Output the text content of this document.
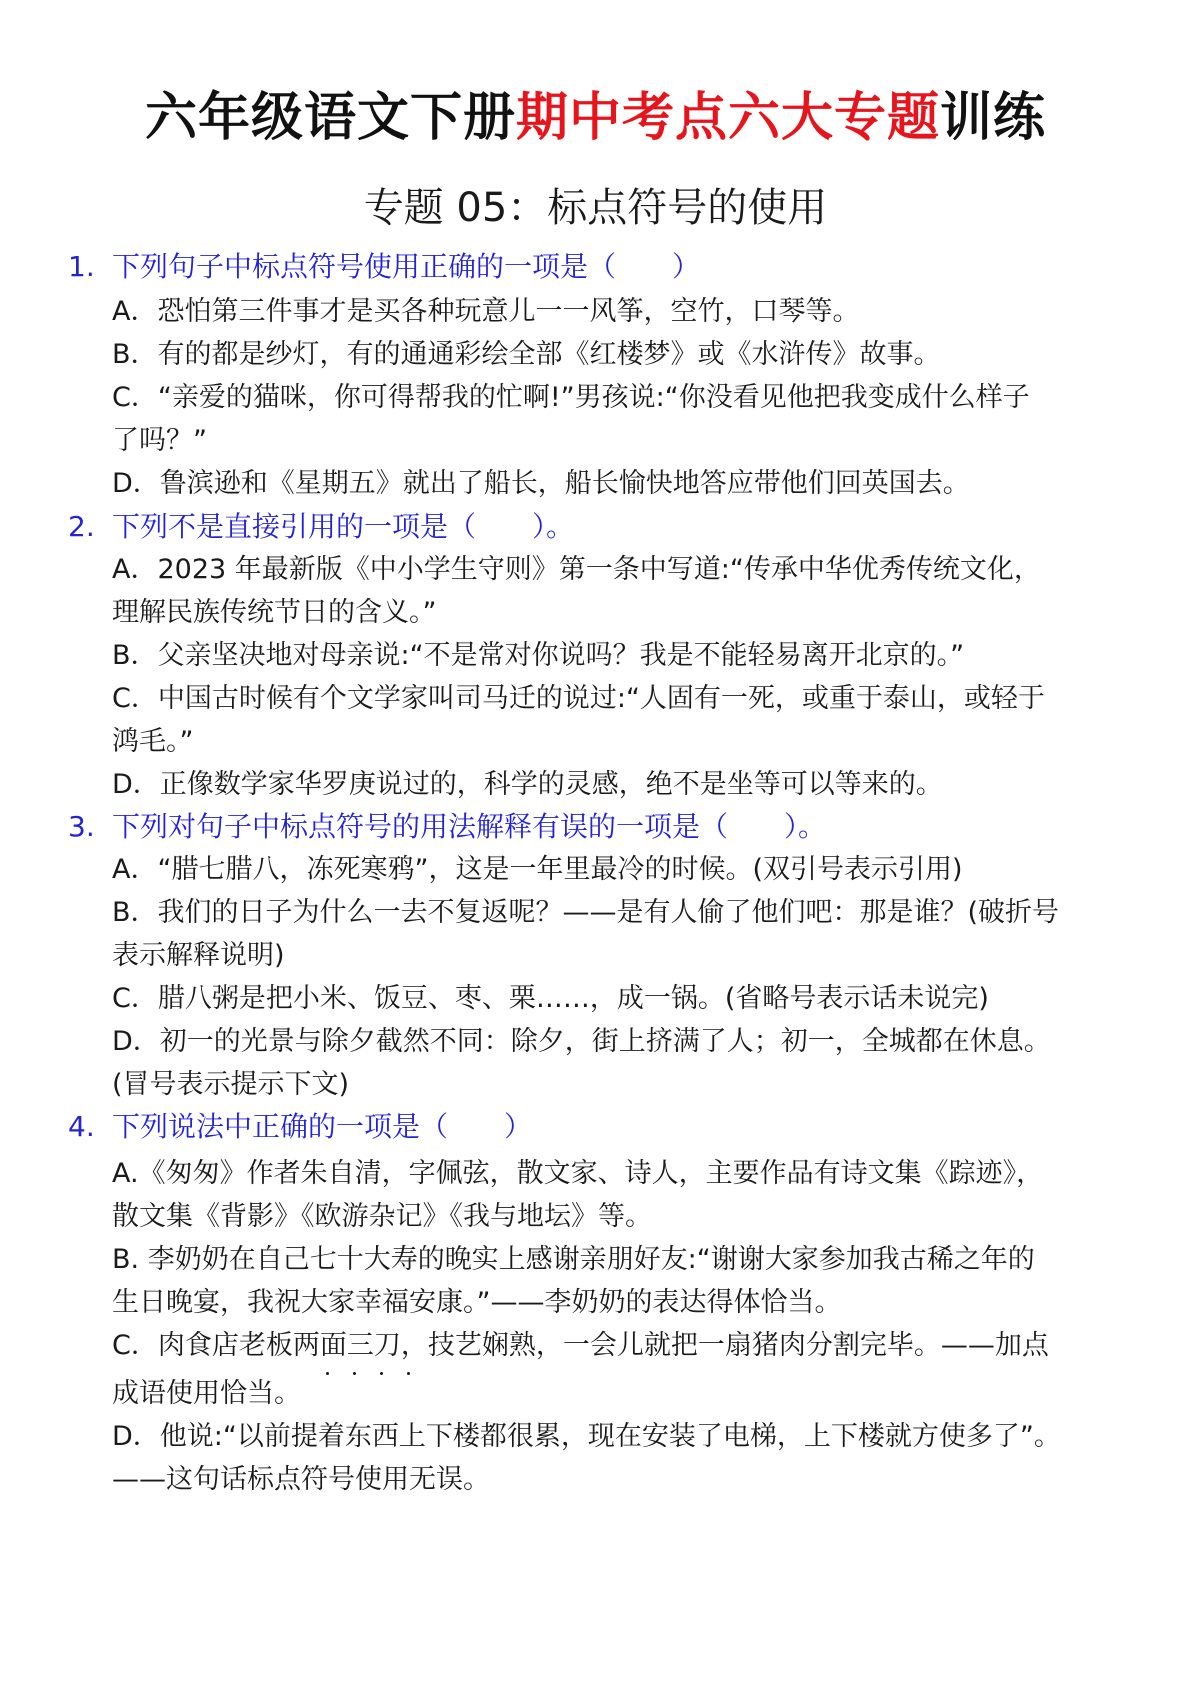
六年级语文下册期中考点六大专题训练
专题 05：标点符号的使用
1. 下列句子中标点符号使用正确的一项是（　　）
A．恐怕第三件事才是买各种玩意儿一一风筝，空竹，口琴等。
B．有的都是纱灯，有的通通彩绘全部《红楼梦》或《水浒传》故事。
C．“亲爱的猫咪，你可得帮我的忙啊!”男孩说:“你没看见他把我变成什么样子
了吗？”
D．鲁滨逊和《星期五》就出了船长，船长愉快地答应带他们回英国去。
2. 下列不是直接引用的一项是（　　）。
A．2023 年最新版《中小学生守则》第一条中写道:“传承中华优秀传统文化，
理解民族传统节日的含义。”
B．父亲坚决地对母亲说:“不是常对你说吗？我是不能轻易离开北京的。”
C．中国古时候有个文学家叫司马迁的说过:“人固有一死，或重于泰山，或轻于
鸿毛。”
D．正像数学家华罗庚说过的，科学的灵感，绝不是坐等可以等来的。
3. 下列对句子中标点符号的用法解释有误的一项是（　　）。
A．“腊七腊八，冻死寒鸦”，这是一年里最冷的时候。(双引号表示引用)
B．我们的日子为什么一去不复返呢？——是有人偷了他们吧：那是谁？(破折号
表示解释说明)
C．腊八粥是把小米、饭豆、枣、栗……，成一锅。(省略号表示话未说完)
D．初一的光景与除夕截然不同：除夕，街上挤满了人；初一，全城都在休息。
(冒号表示提示下文)
4. 下列说法中正确的一项是（　　）
A.《匆匆》作者朱自清，字佩弦，散文家、诗人，主要作品有诗文集《踪迹》，
散文集《背影》《欧游杂记》《我与地坛》等。
B. 李奶奶在自己七十大寿的晚实上感谢亲朋好友:“谢谢大家参加我古稀之年的
生日晚宴，我祝大家幸福安康。”——李奶奶的表达得体恰当。
C．肉食店老板两面三刀，技艺娴熟，一会儿就把一扇猪肉分割完毕。——加点
成语使用恰当。
D．他说:“以前提着东西上下楼都很累，现在安装了电梯，上下楼就方使多了”。
——这句话标点符号使用无误。
